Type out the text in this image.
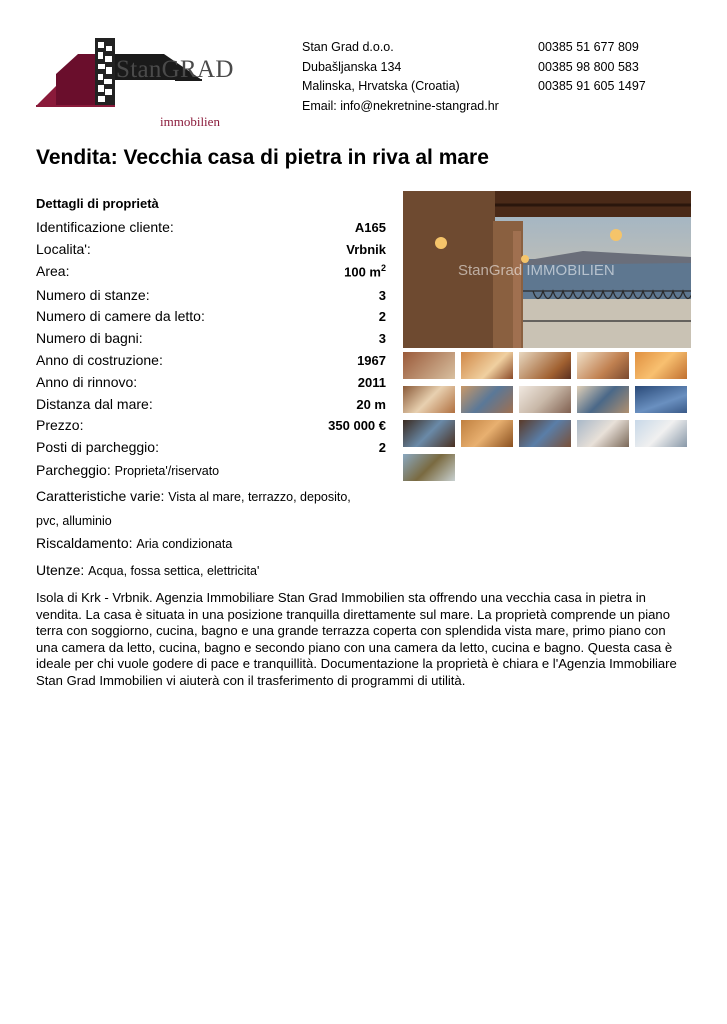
StanGRAD
immobilien
Stan Grad d.o.o.
Dubašljanska 134
Malinska, Hrvatska (Croatia)
Email: info@nekretnine-stangrad.hr
00385 51 677 809
00385 98 800 583
00385 91 605 1497
Vendita: Vecchia casa di pietra in riva al mare
Dettagli di proprietà
Identificazione cliente:	A165
Localita':	Vrbnik
Area:	100 $m^2$
Numero di stanze:	3
Numero di camere da letto:	2
Numero di bagni:	3
Anno di costruzione:	1967
Anno di rinnovo:	2011
Distanza dal mare:	20 m
Prezzo:	350 000 €
Posti di parcheggio:	2
Parcheggio: Proprieta'/riservato
Caratteristiche varie: Vista al mare, terrazzo, deposito,
pvc, alluminio
Riscaldamento: Aria condizionata
Utenze: Acqua, fossa settica, elettricita'
StanGrad IMMOBILIEN
Isola di Krk - Vrbnik. Agenzia Immobiliare Stan Grad Immobilien sta offrendo una vecchia casa in pietra in vendita. La casa è situata in una posizione tranquilla direttamente sul mare. La proprietà comprende un piano terra con soggiorno, cucina, bagno e una grande terrazza coperta con splendida vista mare, primo piano con una camera da letto, cucina, bagno e secondo piano con una camera da letto, cucina e bagno. Questa casa è ideale per chi vuole godere di pace e tranquillità. Documentazione la proprietà è chiara e l'Agenzia Immobiliare Stan Grad Immobilien vi aiuterà con il trasferimento di programmi di utilità.
